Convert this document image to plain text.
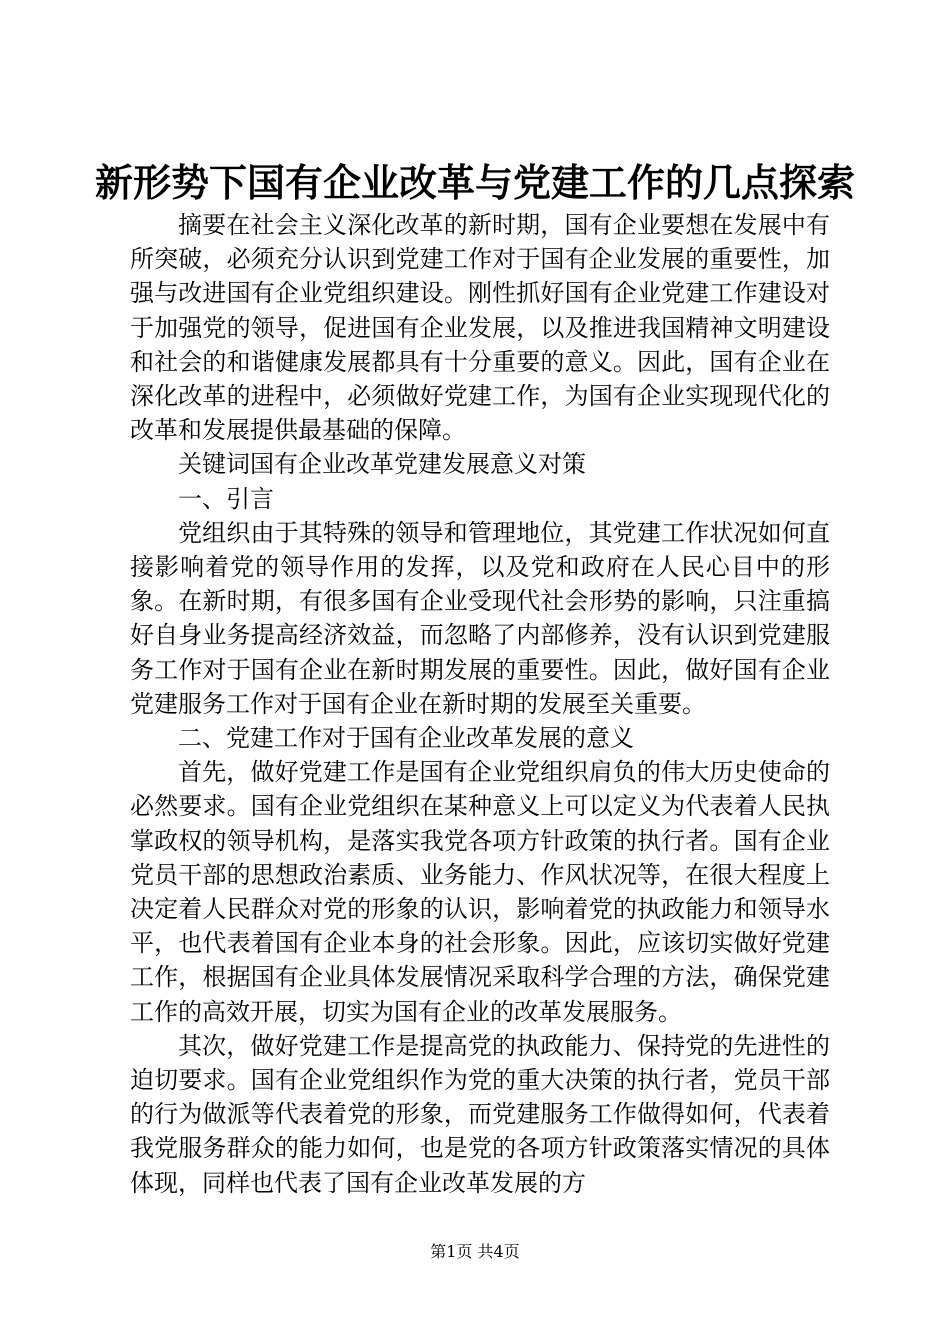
新形势下国有企业改革与党建工作的几点探索

摘要在社会主义深化改革的新时期，国有企业要想在发展中有所突破，必须充分认识到党建工作对于国有企业发展的重要性，加强与改进国有企业党组织建设。刚性抓好国有企业党建工作建设对于加强党的领导，促进国有企业发展，以及推进我国精神文明建设和社会的和谐健康发展都具有十分重要的意义。因此，国有企业在深化改革的进程中，必须做好党建工作，为国有企业实现现代化的改革和发展提供最基础的保障。

关键词国有企业改革党建发展意义对策

一、引言

党组织由于其特殊的领导和管理地位，其党建工作状况如何直接影响着党的领导作用的发挥，以及党和政府在人民心目中的形象。在新时期，有很多国有企业受现代社会形势的影响，只注重搞好自身业务提高经济效益，而忽略了内部修养，没有认识到党建服务工作对于国有企业在新时期发展的重要性。因此，做好国有企业党建服务工作对于国有企业在新时期的发展至关重要。

二、党建工作对于国有企业改革发展的意义

首先，做好党建工作是国有企业党组织肩负的伟大历史使命的必然要求。国有企业党组织在某种意义上可以定义为代表着人民执掌政权的领导机构，是落实我党各项方针政策的执行者。国有企业党员干部的思想政治素质、业务能力、作风状况等，在很大程度上决定着人民群众对党的形象的认识，影响着党的执政能力和领导水平，也代表着国有企业本身的社会形象。因此，应该切实做好党建工作，根据国有企业具体发展情况采取科学合理的方法，确保党建工作的高效开展，切实为国有企业的改革发展服务。

其次，做好党建工作是提高党的执政能力、保持党的先进性的迫切要求。国有企业党组织作为党的重大决策的执行者，党员干部的行为做派等代表着党的形象，而党建服务工作做得如何，代表着我党服务群众的能力如何，也是党的各项方针政策落实情况的具体体现，同样也代表了国有企业改革发展的方

第1页 共4页
